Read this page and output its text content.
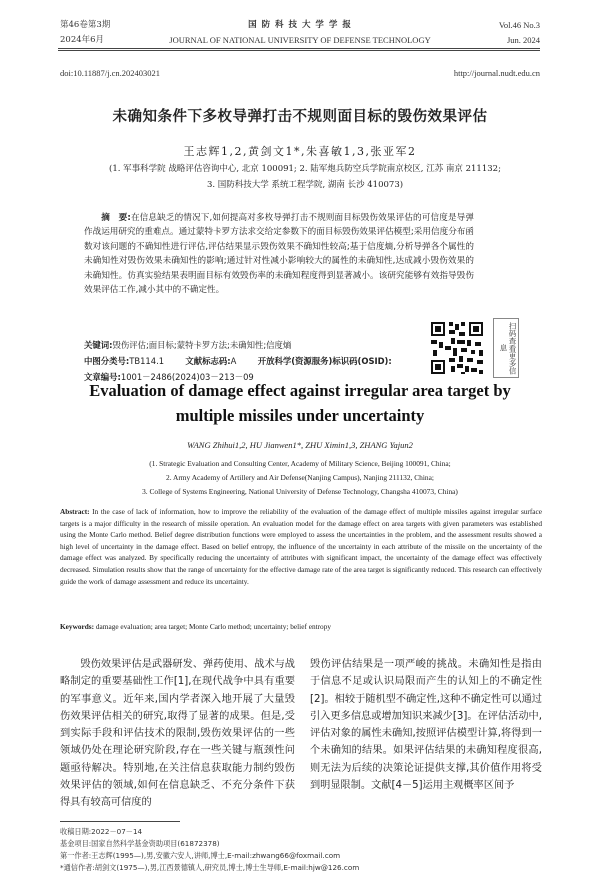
第46卷第3期
2024年6月
国 防 科 技 大 学 学 报
JOURNAL OF NATIONAL UNIVERSITY OF DEFENSE TECHNOLOGY
Vol.46 No.3
Jun. 2024
doi:10.11887/j.cn.202403021	http://journal.nudt.edu.cn
未确知条件下多枚导弹打击不规则面目标的毁伤效果评估
王志辉1,2,黄剑文1*,朱喜敏1,3,张亚军2
(1. 军事科学院 战略评估咨询中心, 北京 100091; 2. 陆军炮兵防空兵学院南京校区, 江苏 南京 211132;
3. 国防科技大学 系统工程学院, 湖南 长沙 410073)

摘　要:在信息缺乏的情况下,如何提高对多枚导弹打击不规则面目标毁伤效果评估的可信度是导弹作战运用研究的重难点。通过蒙特卡罗方法求交给定参数下的面目标毁伤效果评估模型;采用信度分布函数对该问题的不确知性进行评估,评估结果显示毁伤效果不确知性较高;基于信度熵,分析导弹各个属性的未确知性对毁伤效果未确知性的影响;通过针对性减小影响较大的属性的未确知性,达成减小毁伤效果的未确知性。仿真实验结果表明面目标有效毁伤率的未确知程度得到显著减小。该研究能够有效指导毁伤效果评估工作,减小其中的不确定性。

关键词:毁伤评估;面目标;蒙特卡罗方法;未确知性;信度熵
中图分类号:TB114.1	文献标志码:A	开放科学(资源服务)标识码(OSID):
文章编号:1001－2486(2024)03－213－09
扫码查看更多信息
Evaluation of damage effect against irregular area target by
multiple missiles under uncertainty
WANG Zhihui1,2, HU Jianwen1*, ZHU Ximin1,3, ZHANG Yajun2
(1. Strategic Evaluation and Consulting Center, Academy of Military Science, Beijing 100091, China;
2. Army Academy of Artillery and Air Defense(Nanjing Campus), Nanjing 211132, China;
3. College of Systems Engineering, National University of Defense Technology, Changsha 410073, China)
Abstract: In the case of lack of information, how to improve the reliability of the evaluation of the damage effect of multiple missiles against irregular surface targets is a major difficulty in the research of missile operation. An evaluation model for the damage effect on area targets with given parameters was established using the Monte Carlo method. Belief degree distribution functions were employed to assess the uncertainties in the problem, and the assessment results showed a high level of uncertainty in the damage effect. Based on belief entropy, the influence of the uncertainty in each attribute of the missile on the uncertainty of the damage effect was analyzed. By specifically reducing the uncertainty of attributes with significant impact, the uncertainty of the damage effect was effectively decreased. Simulation results show that the range of uncertainty for the effective damage rate of the area target is significantly reduced. This research can effectively guide the work of damage assessment and reduce its uncertainty.
Keywords: damage evaluation; area target; Monte Carlo method; uncertainty; belief entropy

毁伤效果评估是武器研发、弹药使用、战术与战略制定的重要基础性工作[1],在现代战争中具有重要的军事意义。近年来,国内学者深入地开展了大量毁伤效果评估相关的研究,取得了显著的成果。但是,受到实际手段和评估技术的限制,毁伤效果评估的一些领域仍处在理论研究阶段,存在一些关键与瓶颈性问题亟待解决。特别地,在关注信息获取能力制约毁伤效果评估的领域,如何在信息缺乏、不充分条件下获得具有较高可信度的

毁伤评估结果是一项严峻的挑战。未确知性是指由于信息不足或认识局限而产生的认知上的不确定性[2]。相较于随机型不确定性,这种不确定性可以通过引入更多信息或增加知识来减少[3]。在评估活动中,评估对象的属性未确知,按照评估模型计算,将得到一个未确知的结果。如果评估结果的未确知程度很高,则无法为后续的决策论证提供支撑,其价值作用将受到明显限制。文献[4－5]运用主观概率区间予

收稿日期:2022－07－14
基金项目:国家自然科学基金资助项目(61872378)
第一作者:王志辉(1995—),男,安徽六安人,讲师,博士,E-mail:zhwang66@foxmail.com
*通信作者:胡剑文(1975—),男,江西景德镇人,研究员,博士,博士生导师,E-mail:hjw@126.com
